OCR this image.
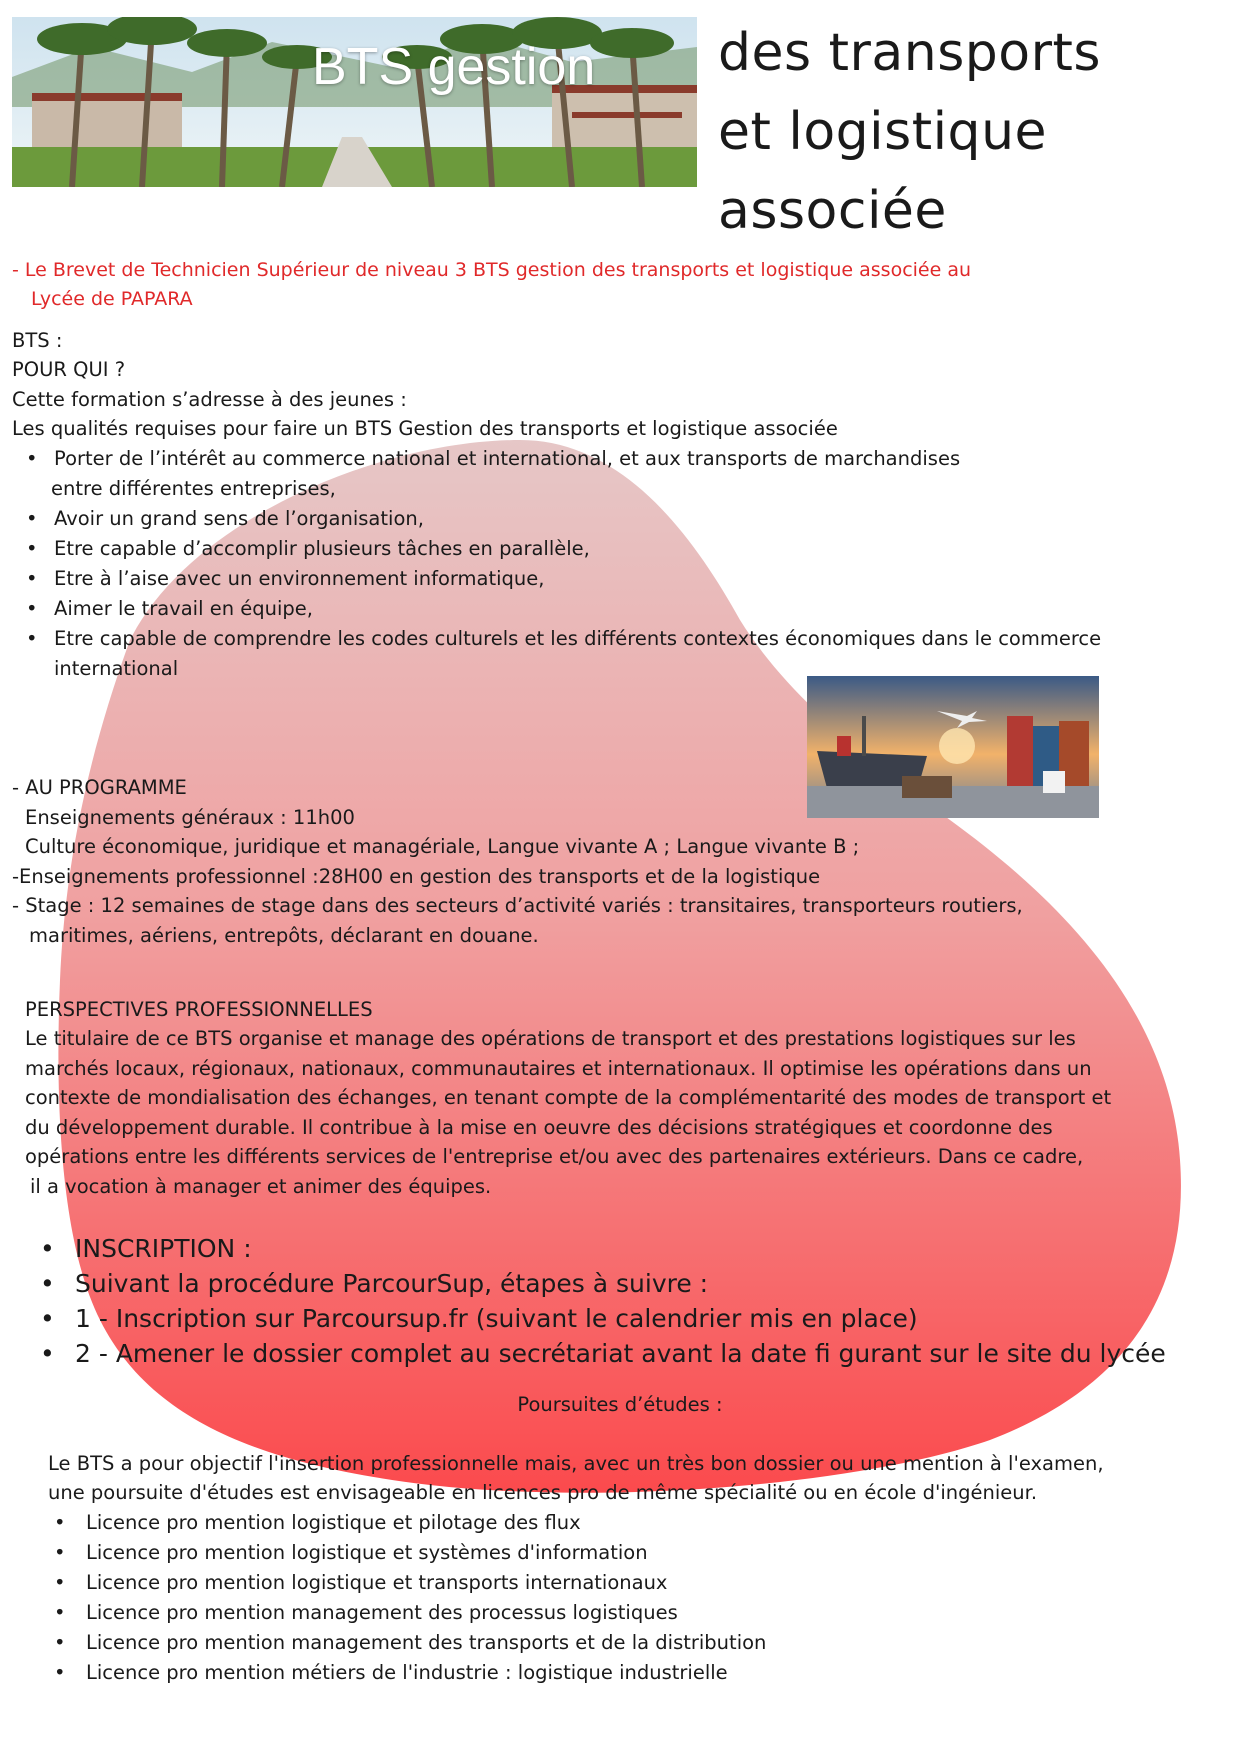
BTS gestion des transports
et logistique
associée
- Le Brevet de Technicien Supérieur de niveau 3 BTS gestion des transports et logistique associée au
Lycée de PAPARA
BTS :
POUR QUI ?
Cette formation s’adresse à des jeunes :
Les qualités requises pour faire un BTS Gestion des transports et logistique associée
• Porter de l’intérêt au commerce national et international, et aux transports de marchandises
entre différentes entreprises,
• Avoir un grand sens de l’organisation,
• Etre capable d’accomplir plusieurs tâches en parallèle,
• Etre à l’aise avec un environnement informatique,
• Aimer le travail en équipe,
• Etre capable de comprendre les codes culturels et les différents contextes économiques dans le commerce
international
- AU PROGRAMME
Enseignements généraux : 11h00
Culture économique, juridique et managériale, Langue vivante A ; Langue vivante B ;
-Enseignements professionnel :28H00 en gestion des transports et de la logistique
- Stage : 12 semaines de stage dans des secteurs d’activité variés : transitaires, transporteurs routiers,
maritimes, aériens, entrepôts, déclarant en douane.
PERSPECTIVES PROFESSIONNELLES
Le titulaire de ce BTS organise et manage des opérations de transport et des prestations logistiques sur les
marchés locaux, régionaux, nationaux, communautaires et internationaux. Il optimise les opérations dans un
contexte de mondialisation des échanges, en tenant compte de la complémentarité des modes de transport et
du développement durable. Il contribue à la mise en oeuvre des décisions stratégiques et coordonne des
opérations entre les différents services de l'entreprise et/ou avec des partenaires extérieurs. Dans ce cadre,
il a vocation à manager et animer des équipes.
• INSCRIPTION :
• Suivant la procédure ParcourSup, étapes à suivre :
• 1 - Inscription sur Parcoursup.fr (suivant le calendrier mis en place)
• 2 - Amener le dossier complet au secrétariat avant la date fi gurant sur le site du lycée
Poursuites d’études :
Le BTS a pour objectif l'insertion professionnelle mais, avec un très bon dossier ou une mention à l'examen,
une poursuite d'études est envisageable en licences pro de même spécialité ou en école d'ingénieur.
• Licence pro mention logistique et pilotage des flux
• Licence pro mention logistique et systèmes d'information
• Licence pro mention logistique et transports internationaux
• Licence pro mention management des processus logistiques
• Licence pro mention management des transports et de la distribution
• Licence pro mention métiers de l'industrie : logistique industrielle
